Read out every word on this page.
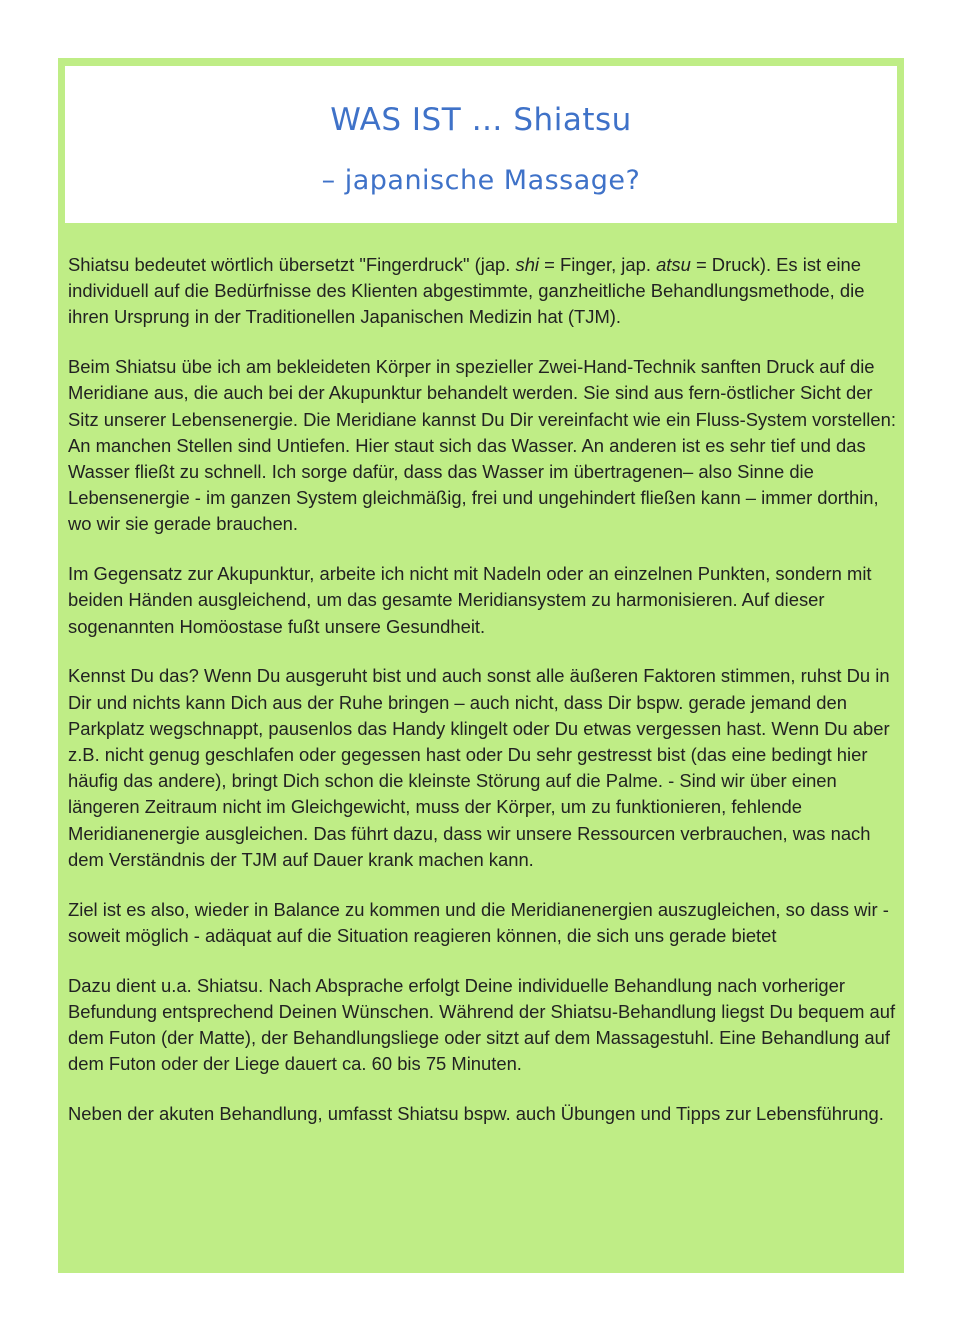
WAS IST … Shiatsu
– japanische Massage?

Shiatsu bedeutet wörtlich übersetzt "Fingerdruck" (jap. shi = Finger, jap. atsu = Druck). Es ist eine individuell auf die Bedürfnisse des Klienten abgestimmte, ganzheitliche Behandlungsmethode, die ihren Ursprung in der Traditionellen Japanischen Medizin hat (TJM).

Beim Shiatsu übe ich am bekleideten Körper in spezieller Zwei-Hand-Technik sanften Druck auf die Meridiane aus, die auch bei der Akupunktur behandelt werden. Sie sind aus fern-östlicher Sicht der Sitz unserer Lebensenergie. Die Meridiane kannst Du Dir vereinfacht wie ein Fluss-System vorstellen: An manchen Stellen sind Untiefen. Hier staut sich das Wasser. An anderen ist es sehr tief und das Wasser fließt zu schnell. Ich sorge dafür, dass das Wasser im übertragenen– also Sinne die Lebensenergie - im ganzen System gleichmäßig, frei und ungehindert fließen kann – immer dorthin, wo wir sie gerade brauchen.

Im Gegensatz zur Akupunktur, arbeite ich nicht mit Nadeln oder an einzelnen Punkten, sondern mit beiden Händen ausgleichend, um das gesamte Meridiansystem zu harmonisieren. Auf dieser sogenannten Homöostase fußt unsere Gesundheit.

Kennst Du das? Wenn Du ausgeruht bist und auch sonst alle äußeren Faktoren stimmen, ruhst Du in Dir und nichts kann Dich aus der Ruhe bringen – auch nicht, dass Dir bspw. gerade jemand den Parkplatz wegschnappt, pausenlos das Handy klingelt oder Du etwas vergessen hast. Wenn Du aber z.B. nicht genug geschlafen oder gegessen hast oder Du sehr gestresst bist (das eine bedingt hier häufig das andere), bringt Dich schon die kleinste Störung auf die Palme. - Sind wir über einen längeren Zeitraum nicht im Gleichgewicht, muss der Körper, um zu funktionieren, fehlende Meridianenergie ausgleichen. Das führt dazu, dass wir unsere Ressourcen verbrauchen, was nach dem Verständnis der TJM auf Dauer krank machen kann.

Ziel ist es also, wieder in Balance zu kommen und die Meridianenergien auszugleichen, so dass wir - soweit möglich - adäquat auf die Situation reagieren können, die sich uns gerade bietet

Dazu dient u.a. Shiatsu. Nach Absprache erfolgt Deine individuelle Behandlung nach vorheriger Befundung entsprechend Deinen Wünschen. Während der Shiatsu-Behandlung liegst Du bequem auf dem Futon (der Matte), der Behandlungsliege oder sitzt auf dem Massagestuhl. Eine Behandlung auf dem Futon oder der Liege dauert ca. 60 bis 75 Minuten.

Neben der akuten Behandlung, umfasst Shiatsu bspw. auch Übungen und Tipps zur Lebensführung.
